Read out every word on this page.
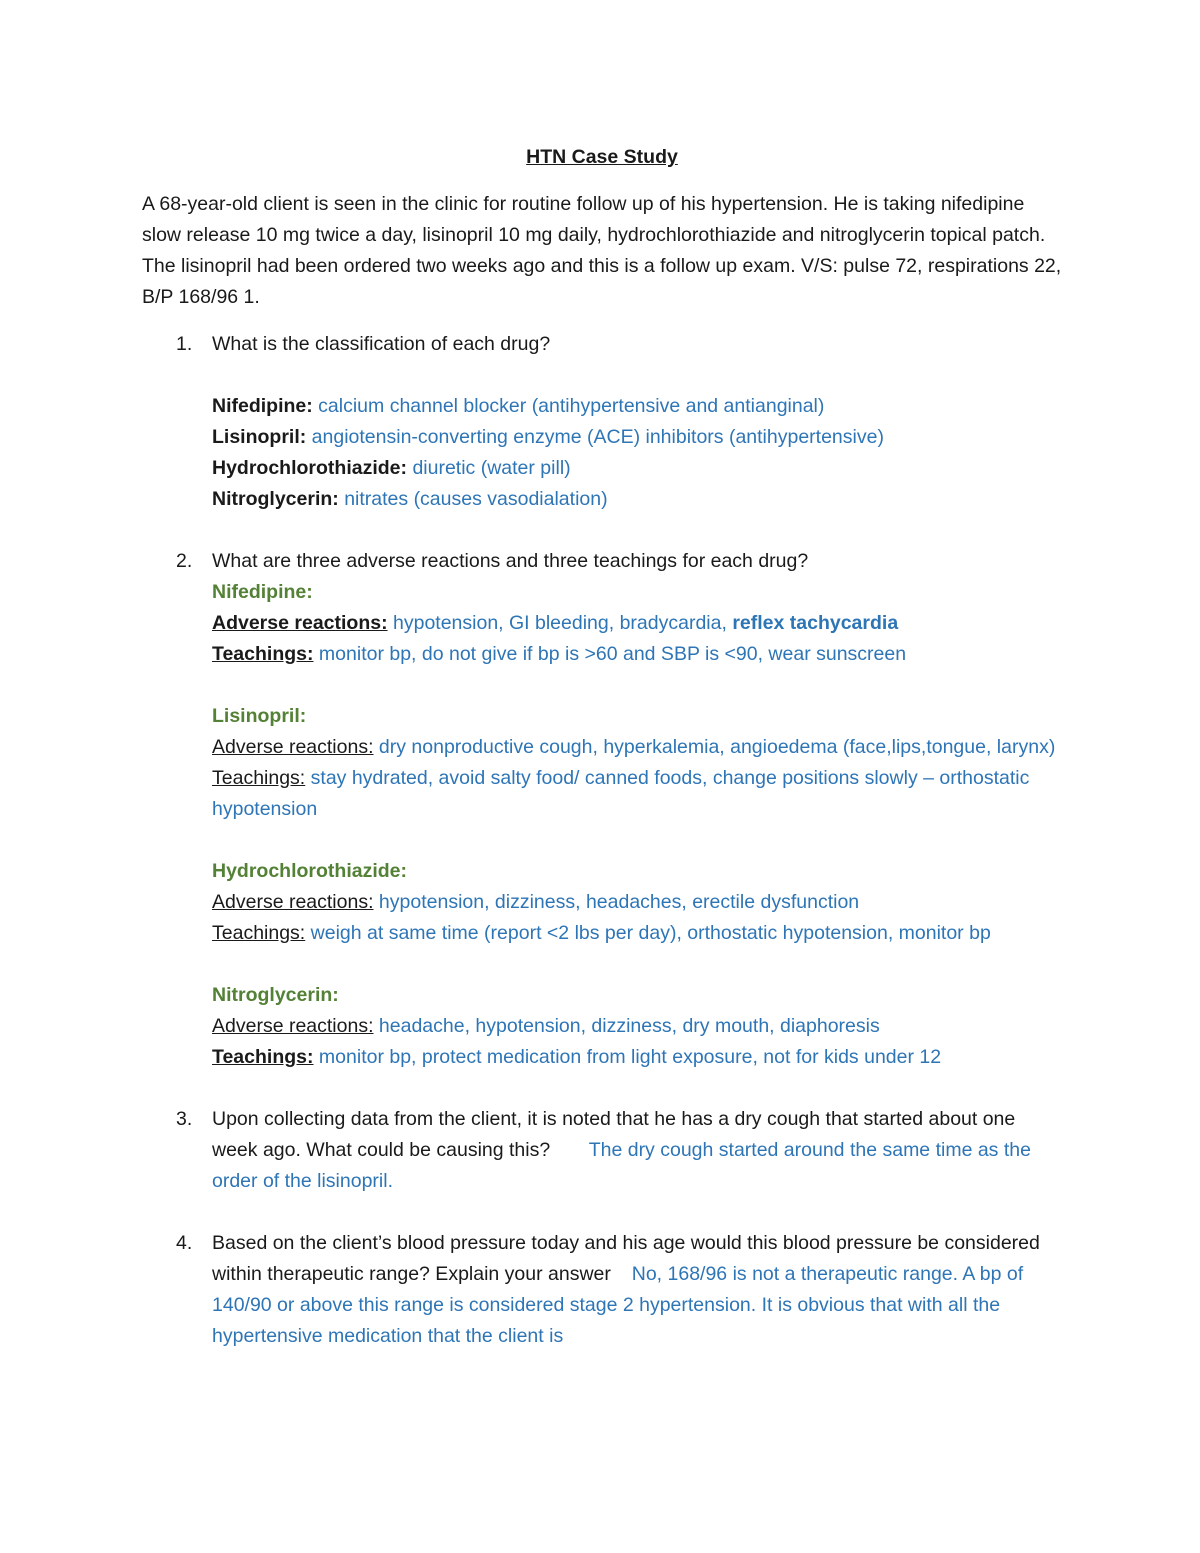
HTN Case Study
A 68-year-old client is seen in the clinic for routine follow up of his hypertension. He is taking nifedipine slow release 10 mg twice a day, lisinopril 10 mg daily, hydrochlorothiazide and nitroglycerin topical patch. The lisinopril had been ordered two weeks ago and this is a follow up exam. V/S: pulse 72, respirations 22, B/P 168/96 1.
1. What is the classification of each drug?
Nifedipine: calcium channel blocker (antihypertensive and antianginal)
Lisinopril: angiotensin-converting enzyme (ACE) inhibitors (antihypertensive)
Hydrochlorothiazide: diuretic (water pill)
Nitroglycerin: nitrates (causes vasodialation)
2. What are three adverse reactions and three teachings for each drug?
Nifedipine:
Adverse reactions: hypotension, GI bleeding, bradycardia, reflex tachycardia
Teachings: monitor bp, do not give if bp is >60 and SBP is <90, wear sunscreen
Lisinopril:
Adverse reactions: dry nonproductive cough, hyperkalemia, angioedema (face,lips,tongue, larynx)
Teachings: stay hydrated, avoid salty food/ canned foods, change positions slowly – orthostatic hypotension
Hydrochlorothiazide:
Adverse reactions: hypotension, dizziness, headaches, erectile dysfunction
Teachings: weigh at same time (report <2 lbs per day), orthostatic hypotension, monitor bp
Nitroglycerin:
Adverse reactions: headache, hypotension, dizziness, dry mouth, diaphoresis
Teachings: monitor bp, protect medication from light exposure, not for kids under 12
3. Upon collecting data from the client, it is noted that he has a dry cough that started about one week ago. What could be causing this? The dry cough started around the same time as the order of the lisinopril.
4. Based on the client’s blood pressure today and his age would this blood pressure be considered within therapeutic range? Explain your answer No, 168/96 is not a therapeutic range. A bp of 140/90 or above this range is considered stage 2 hypertension. It is obvious that with all the hypertensive medication that the client is
